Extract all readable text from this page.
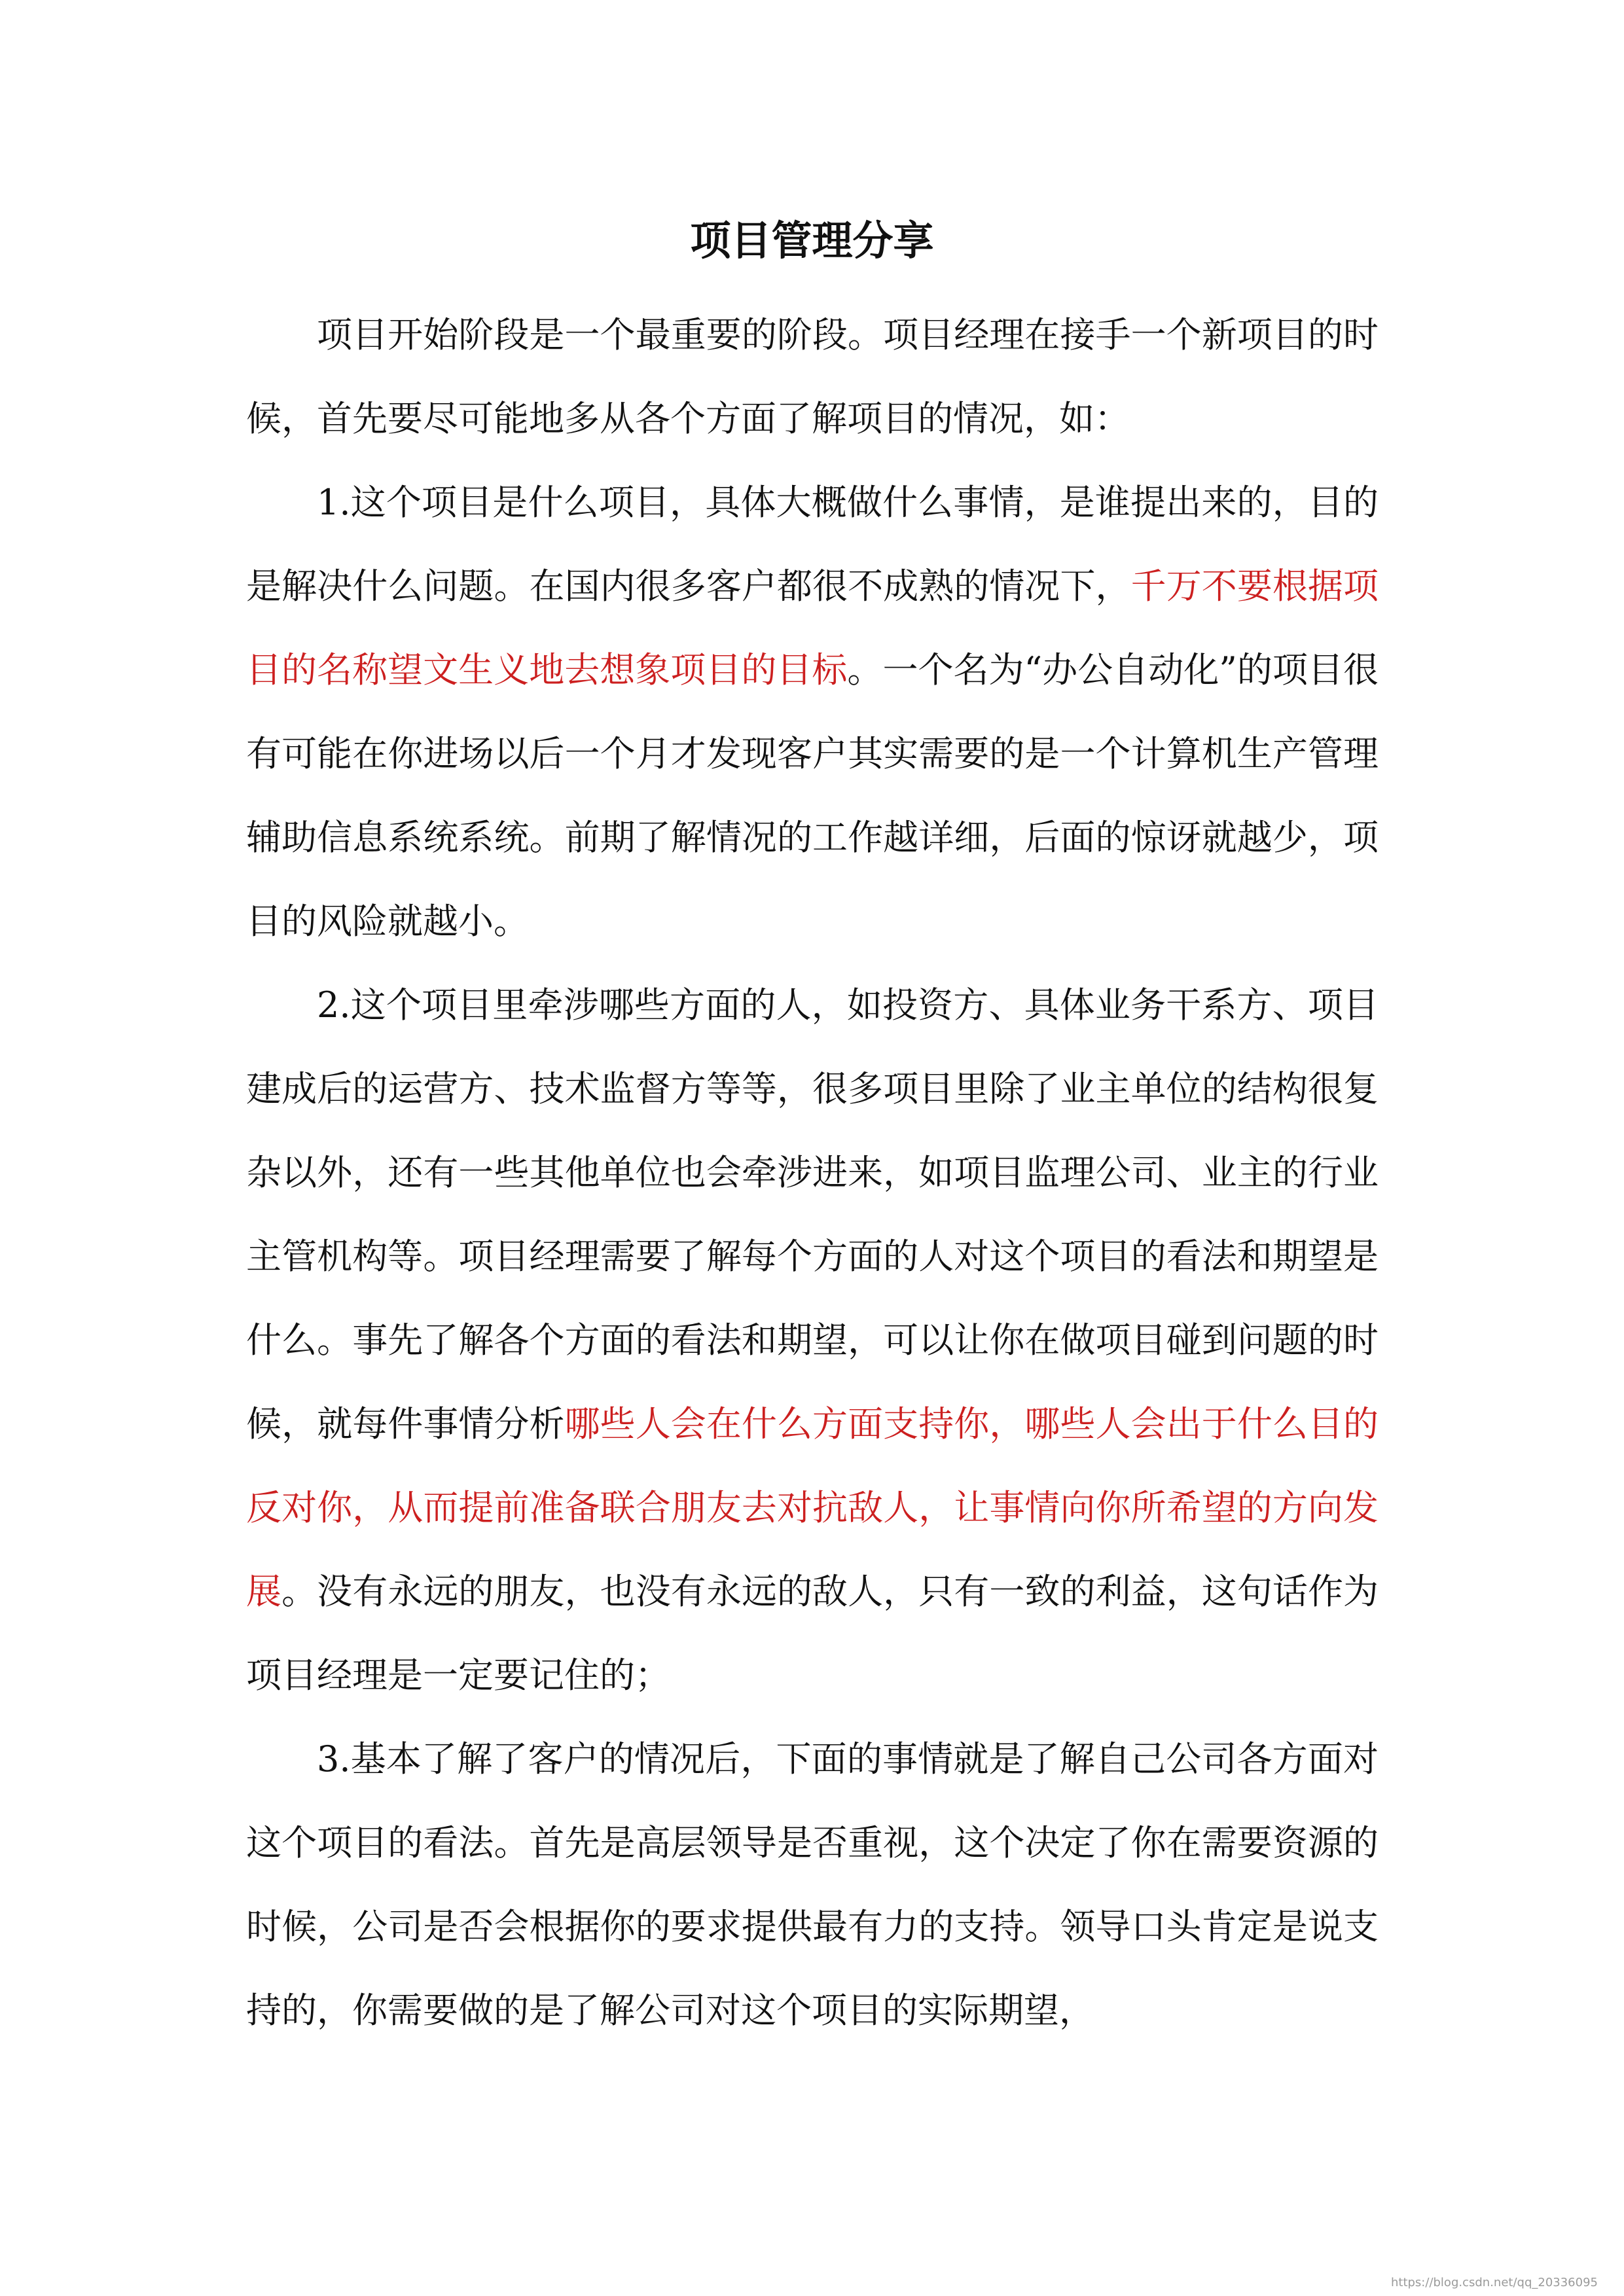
项目管理分享

项目开始阶段是一个最重要的阶段。项目经理在接手一个新项目的时候，首先要尽可能地多从各个方面了解项目的情况，如：

1.这个项目是什么项目，具体大概做什么事情，是谁提出来的，目的是解决什么问题。在国内很多客户都很不成熟的情况下，千万不要根据项目的名称望文生义地去想象项目的目标。一个名为“办公自动化”的项目很有可能在你进场以后一个月才发现客户其实需要的是一个计算机生产管理辅助信息系统系统。前期了解情况的工作越详细，后面的惊讶就越少，项目的风险就越小。

2.这个项目里牵涉哪些方面的人，如投资方、具体业务干系方、项目建成后的运营方、技术监督方等等，很多项目里除了业主单位的结构很复杂以外，还有一些其他单位也会牵涉进来，如项目监理公司、业主的行业主管机构等。项目经理需要了解每个方面的人对这个项目的看法和期望是什么。事先了解各个方面的看法和期望，可以让你在做项目碰到问题的时候，就每件事情分析哪些人会在什么方面支持你，哪些人会出于什么目的反对你，从而提前准备联合朋友去对抗敌人，让事情向你所希望的方向发展。没有永远的朋友，也没有永远的敌人，只有一致的利益，这句话作为项目经理是一定要记住的；

3.基本了解了客户的情况后，下面的事情就是了解自己公司各方面对这个项目的看法。首先是高层领导是否重视，这个决定了你在需要资源的时候，公司是否会根据你的要求提供最有力的支持。领导口头肯定是说支持的，你需要做的是了解公司对这个项目的实际期望，

https://blog.csdn.net/qq_20336095
